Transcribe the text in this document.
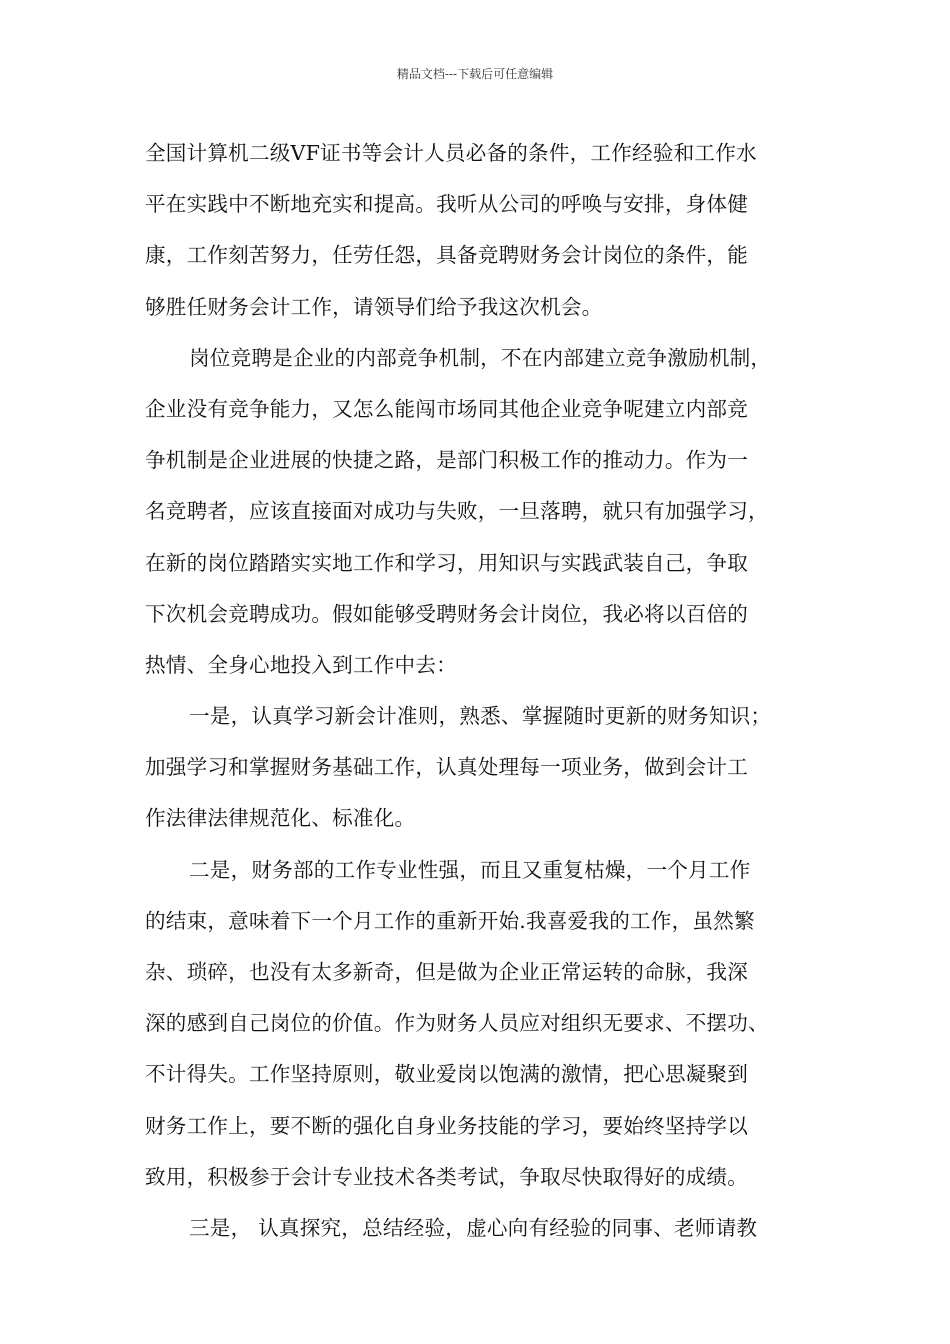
精品文档---下载后可任意编辑
全国计算机二级VF证书等会计人员必备的条件，工作经验和工作水
平在实践中不断地充实和提高。我听从公司的呼唤与安排，身体健
康，工作刻苦努力，任劳任怨，具备竞聘财务会计岗位的条件，能
够胜任财务会计工作，请领导们给予我这次机会。
岗位竞聘是企业的内部竞争机制，不在内部建立竞争激励机制，
企业没有竞争能力，又怎么能闯市场同其他企业竞争呢建立内部竞
争机制是企业进展的快捷之路，是部门积极工作的推动力。作为一
名竞聘者，应该直接面对成功与失败，一旦落聘，就只有加强学习，
在新的岗位踏踏实实地工作和学习，用知识与实践武装自己，争取
下次机会竞聘成功。假如能够受聘财务会计岗位，我必将以百倍的
热情、全身心地投入到工作中去：
一是，认真学习新会计准则，熟悉、掌握随时更新的财务知识；
加强学习和掌握财务基础工作，认真处理每一项业务，做到会计工
作法律法律规范化、标准化。
二是，财务部的工作专业性强，而且又重复枯燥，一个月工作
的结束，意味着下一个月工作的重新开始.我喜爱我的工作，虽然繁
杂、琐碎，也没有太多新奇，但是做为企业正常运转的命脉，我深
深的感到自己岗位的价值。作为财务人员应对组织无要求、不摆功、
不计得失。工作坚持原则，敬业爱岗以饱满的激情，把心思凝聚到
财务工作上，要不断的强化自身业务技能的学习，要始终坚持学以
致用，积极参于会计专业技术各类考试，争取尽快取得好的成绩。
三是， 认真探究，总结经验，虚心向有经验的同事、老师请教
